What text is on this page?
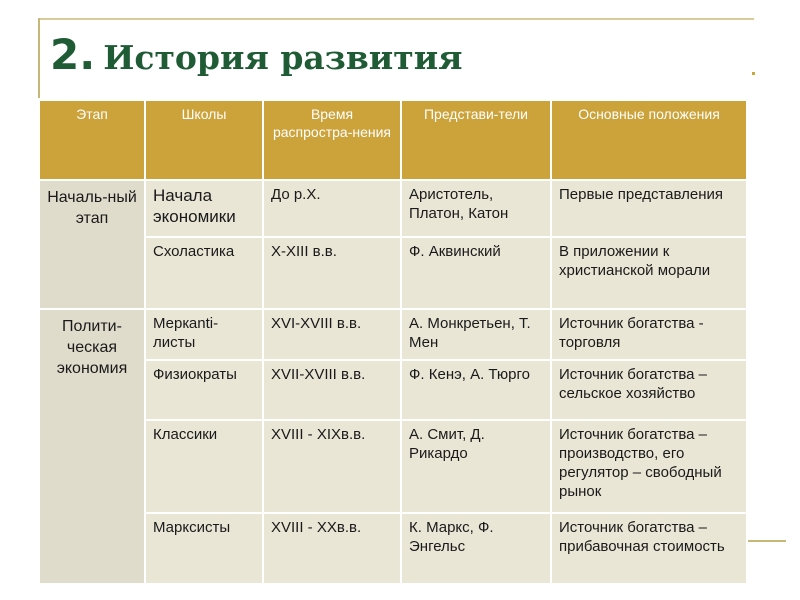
2. История развития
Этап	Школы	Время распростра-нения	Представи-тели	Основные положения
Началь-ный этап	Начала экономики	До р.Х.	Аристотель, Платон, Катон	Первые представления
	Схоластика	X-XIII в.в.	Ф. Аквинский	В приложении к христианской морали
Полити-ческая экономия	Меркanti-листы	XVI-XVIII в.в.	А. Монкретьен, Т. Мен	Источник богатства - торговля
	Физиократы	XVII-XVIII в.в.	Ф. Кенэ, А. Тюрго	Источник богатства – сельское хозяйство
	Классики	XVIII - XIXв.в.	А. Смит, Д. Рикардо	Источник богатства – производство, его регулятор – свободный рынок
	Марксисты	XVIII - XXв.в.	К. Маркс, Ф. Энгельс	Источник богатства – прибавочная стоимость
